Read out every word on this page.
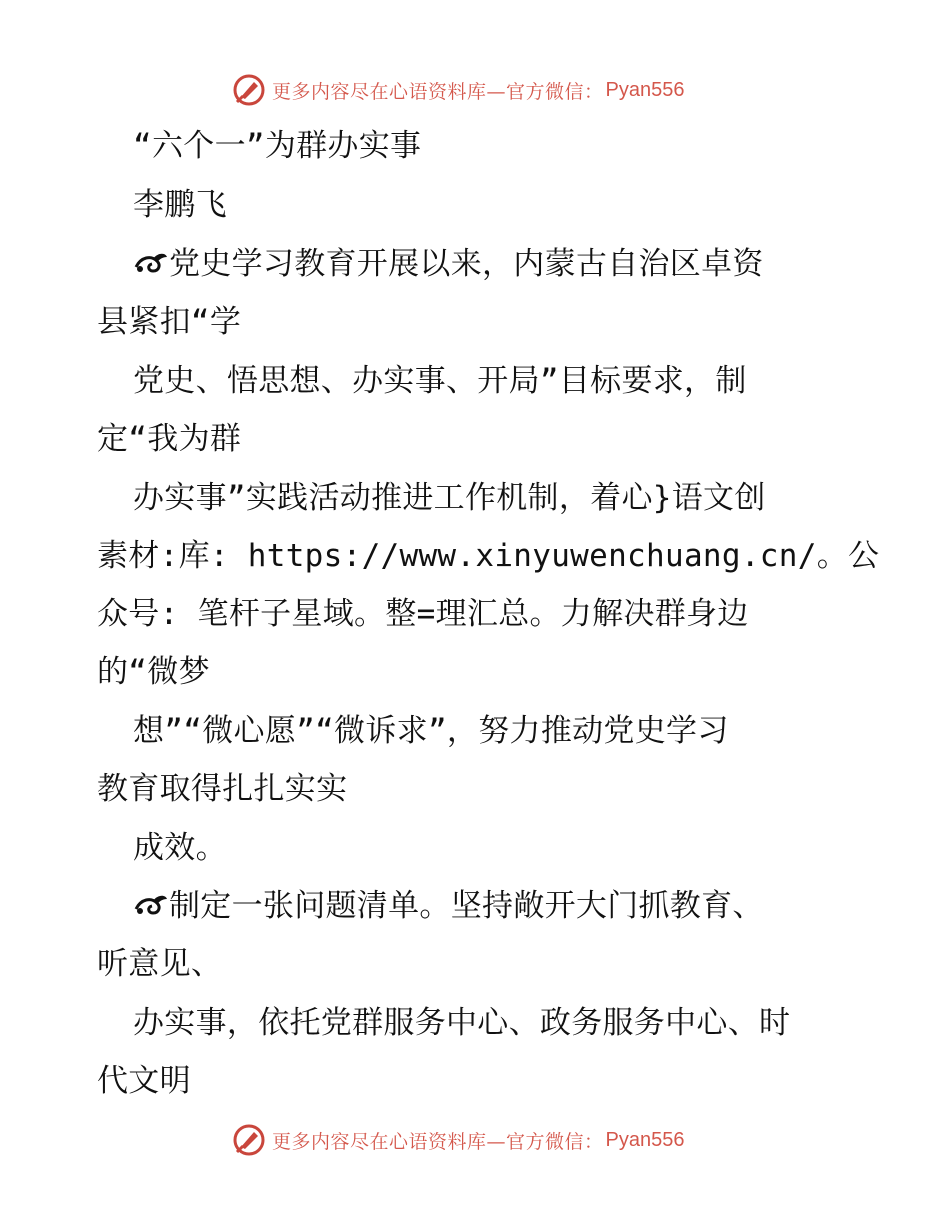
更多内容尽在心语资料库—官方微信： Pyan556
“六个一”为群办实事
李鹏飞
党史学习教育开展以来，内蒙古自治区卓资
县紧扣“学
党史、悟思想、办实事、开局”目标要求，制
定“我为群
办实事”实践活动推进工作机制，着心}语文创
素材:库: https://www.xinyuwenchuang.cn/。公
众号: 笔杆子星域。整=理汇总。力解决群身边
的“微梦
想”“微心愿”“微诉求”，努力推动党史学习
教育取得扎扎实实
成效。
制定一张问题清单。坚持敞开大门抓教育、
听意见、
办实事，依托党群服务中心、政务服务中心、时
代文明
更多内容尽在心语资料库—官方微信： Pyan556
